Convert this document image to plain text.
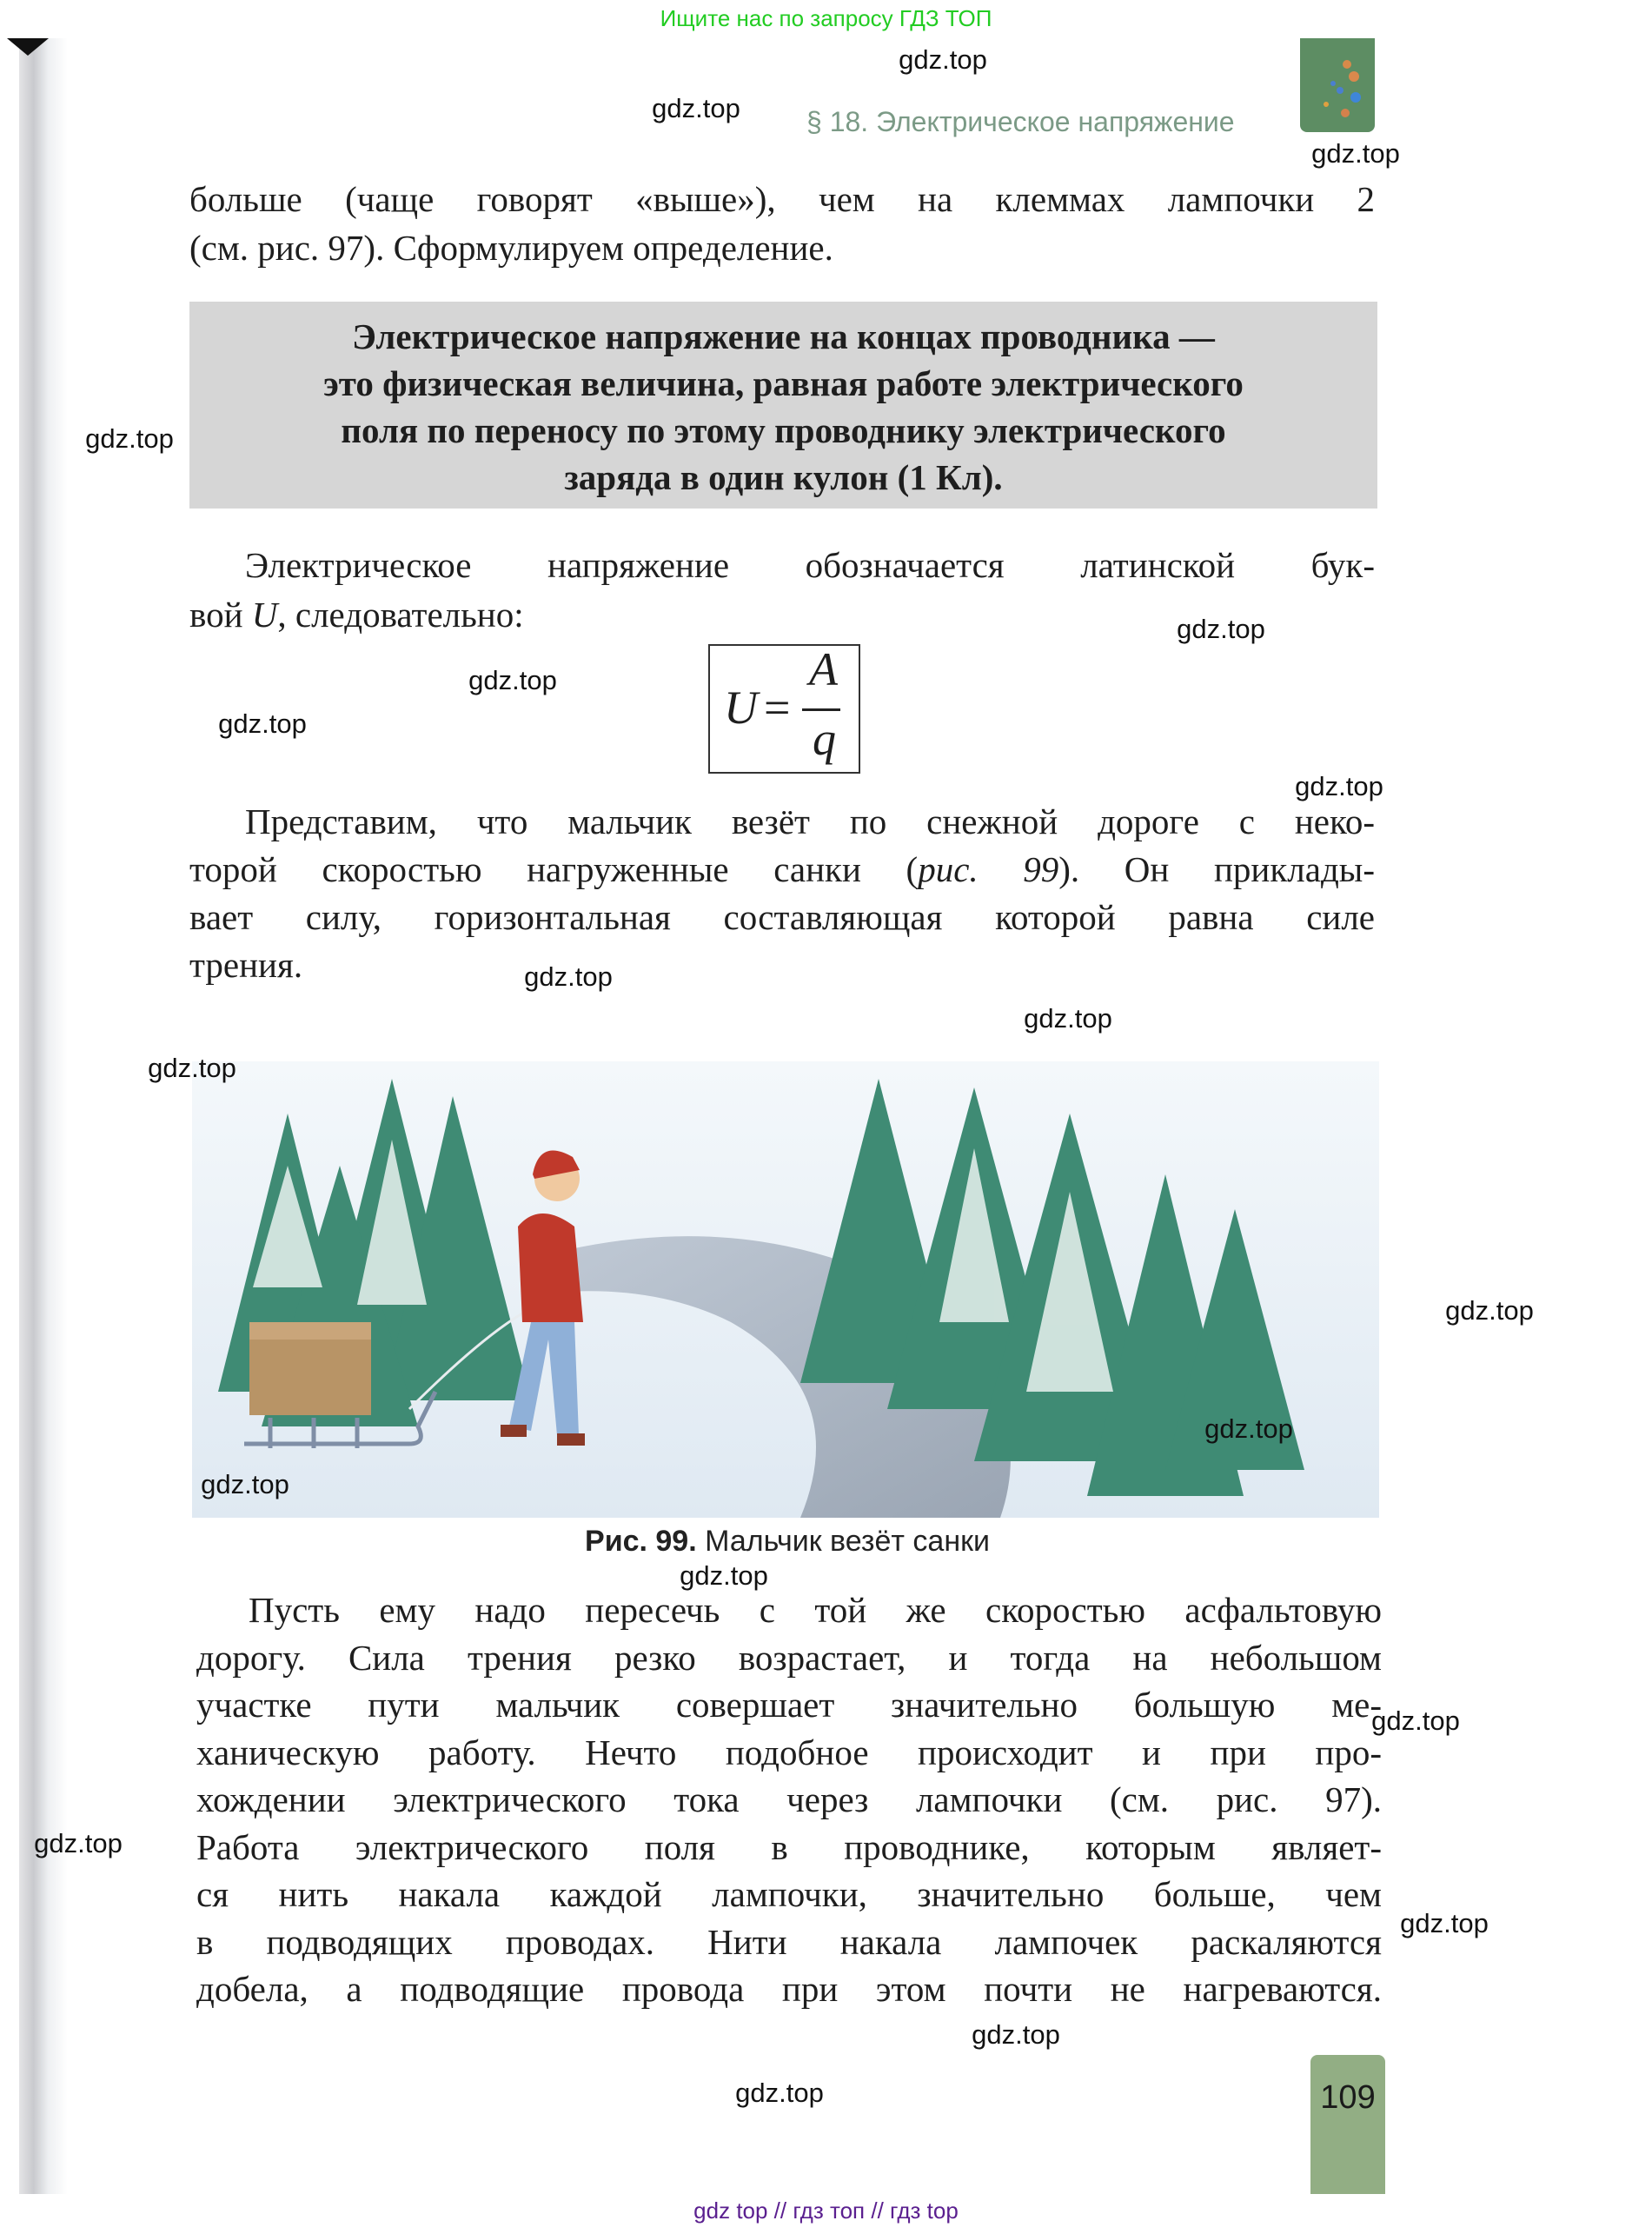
Ищите нас по запросу ГДЗ ТОП
§ 18. Электрическое напряжение
больше (чаще говорят «выше»), чем на клеммах лампочки 2
(см. рис. 97). Сформулируем определение.
Электрическое напряжение на концах проводника —
это физическая величина, равная работе электрического
поля по переносу по этому проводнику электрического
заряда в один кулон (1 Кл).
Электрическое напряжение обозначается латинской бук-
вой U, следовательно:
U =
A
q
Представим, что мальчик везёт по снежной дороге с неко-
торой скоростью нагруженные санки (рис. 99). Он приклады-
вает силу, горизонтальная составляющая которой равна силе
трения.
Рис. 99. Мальчик везёт санки
Пусть ему надо пересечь с той же скоростью асфальтовую
дорогу. Сила трения резко возрастает, и тогда на небольшом
участке пути мальчик совершает значительно большую ме-
ханическую работу. Нечто подобное происходит и при про-
хождении электрического тока через лампочки (см. рис. 97).
Работа электрического поля в проводнике, которым являет-
ся нить накала каждой лампочки, значительно больше, чем
в подводящих проводах. Нити накала лампочек раскаляются
добела, а подводящие провода при этом почти не нагреваются.
109
gdz.top
gdz.top
gdz.top
gdz.top
gdz.top
gdz.top
gdz.top
gdz.top
gdz.top
gdz.top
gdz.top
gdz.top
gdz.top
gdz.top
gdz.top
gdz.top
gdz.top
gdz.top
gdz.top
gdz.top
gdz top // гдз топ // гдз top
